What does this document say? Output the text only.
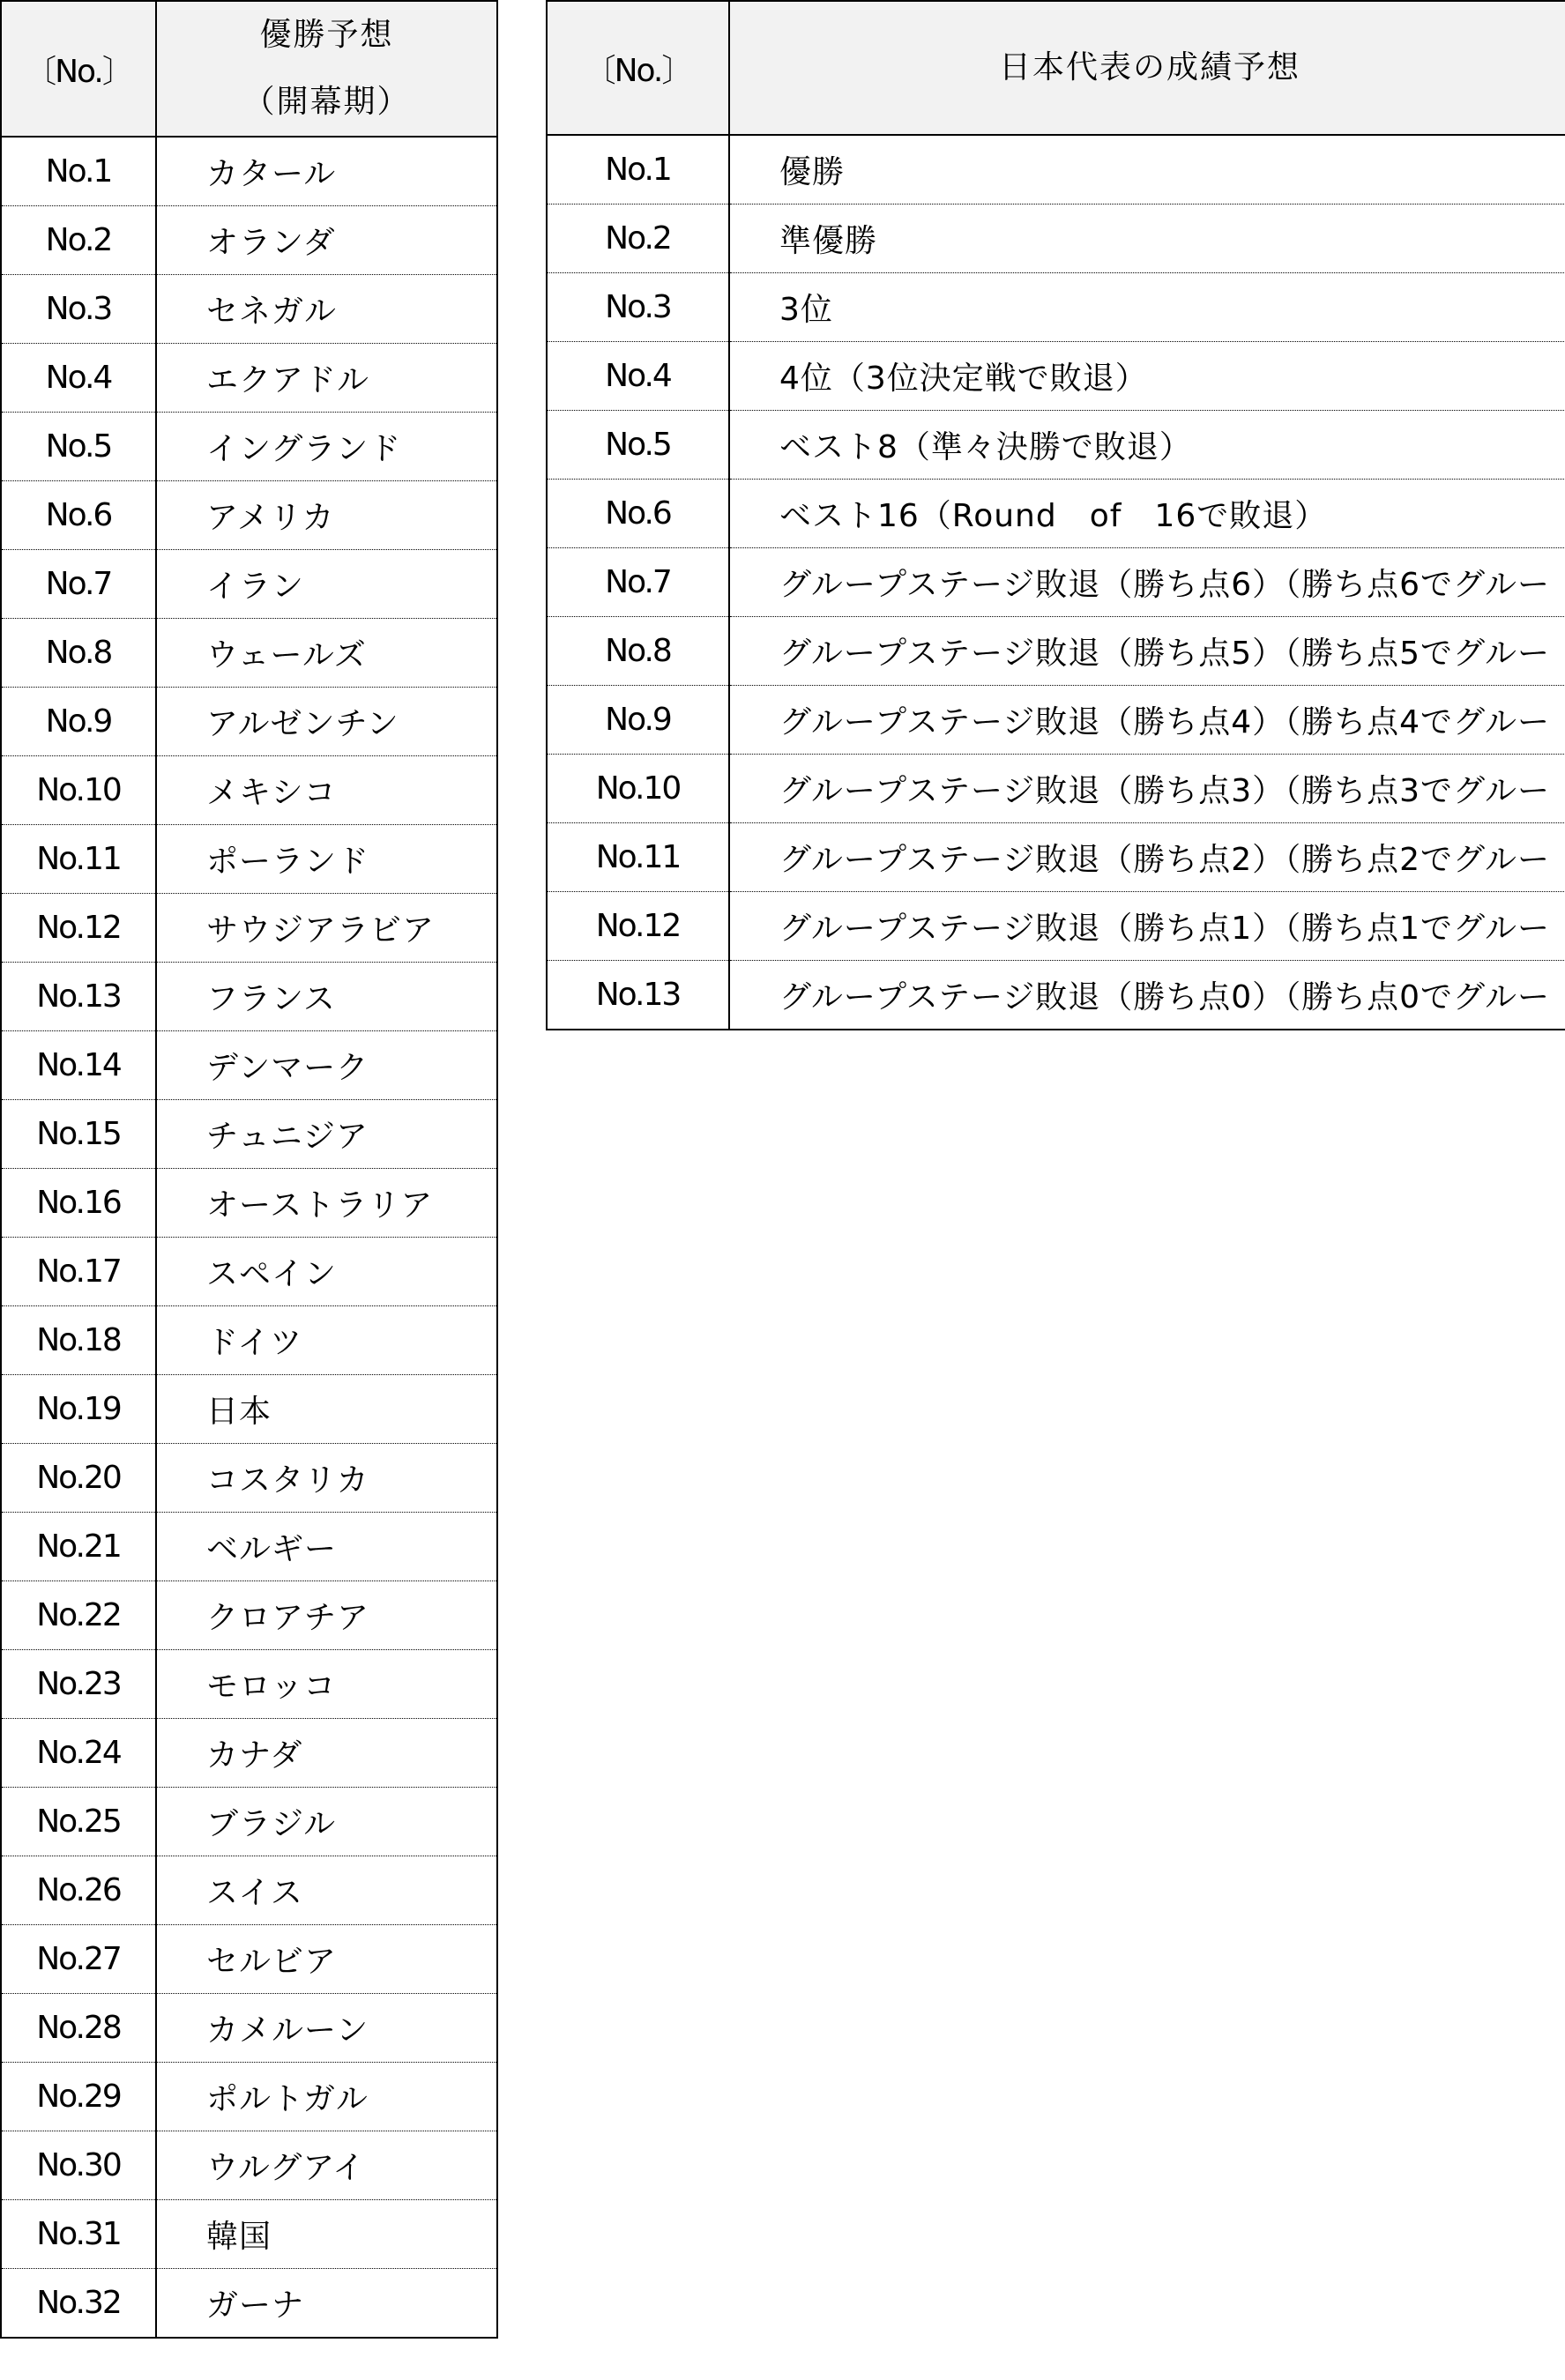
〔No.〕	優勝予想
（開幕期）

No.1	カタール
No.2	オランダ
No.3	セネガル
No.4	エクアドル
No.5	イングランド
No.6	アメリカ
No.7	イラン
No.8	ウェールズ
No.9	アルゼンチン
No.10	メキシコ
No.11	ポーランド
No.12	サウジアラビア
No.13	フランス
No.14	デンマーク
No.15	チュニジア
No.16	オーストラリア
No.17	スペイン
No.18	ドイツ
No.19	日本
No.20	コスタリカ
No.21	ベルギー
No.22	クロアチア
No.23	モロッコ
No.24	カナダ
No.25	ブラジル
No.26	スイス
No.27	セルビア
No.28	カメルーン
No.29	ポルトガル
No.30	ウルグアイ
No.31	韓国
No.32	ガーナ
〔No.〕	日本代表の成績予想

No.1	優勝
No.2	準優勝
No.3	3位
No.4	4位（3位決定戦で敗退）
No.5	ベスト8（準々決勝で敗退）
No.6	ベスト16（Round　of　16で敗退）
No.7	グループステージ敗退（勝ち点6）（勝ち点6でグルー
No.8	グループステージ敗退（勝ち点5）（勝ち点5でグルー
No.9	グループステージ敗退（勝ち点4）（勝ち点4でグルー
No.10	グループステージ敗退（勝ち点3）（勝ち点3でグルー
No.11	グループステージ敗退（勝ち点2）（勝ち点2でグルー
No.12	グループステージ敗退（勝ち点1）（勝ち点1でグルー
No.13	グループステージ敗退（勝ち点0）（勝ち点0でグルー
